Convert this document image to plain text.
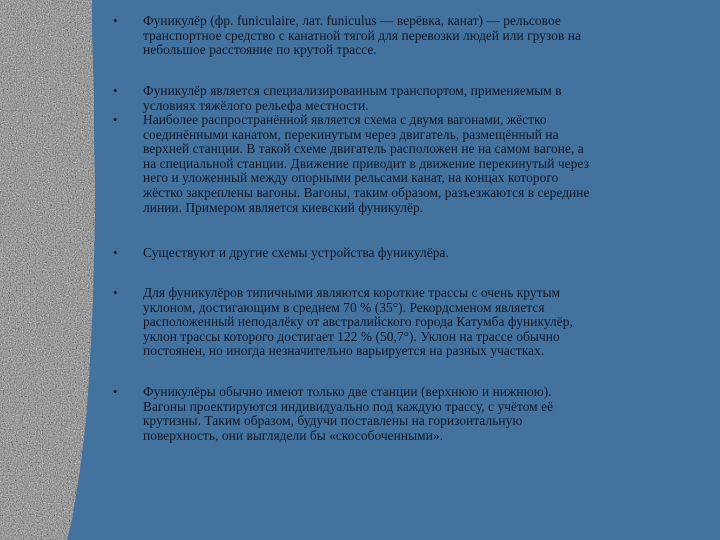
• Фуникулёр (фр. funiculaire, лат. funiculus — верёвка, канат) — рельсовое
транспортное средство с канатной тягой для перевозки людей или грузов на
небольшое расстояние по крутой трассе.
• Фуникулёр является специализированным транспортом, применяемым в
условиях тяжёлого рельефа местности.
• Наиболее распространённой является схема с двумя вагонами, жёстко
соединёнными канатом, перекинутым через двигатель, размещённый на
верхней станции. В такой схеме двигатель расположен не на самом вагоне, а
на специальной станции. Движение приводит в движение перекинутый через
него и уложенный между опорными рельсами канат, на концах которого
жёстко закреплены вагоны. Вагоны, таким образом, разъезжаются в середине
линии. Примером является киевский фуникулёр.
• Существуют и другие схемы устройства фуникулёра.
• Для фуникулёров типичными являются короткие трассы с очень крутым
уклоном, достигающим в среднем 70 % (35°). Рекордсменом является
расположенный неподалёку от австралийского города Катумба фуникулёр,
уклон трассы которого достигает 122 % (50,7°). Уклон на трассе обычно
постоянен, но иногда незначительно варьируется на разных участках.
• Фуникулёры обычно имеют только две станции (верхнюю и нижнюю).
Вагоны проектируются индивидуально под каждую трассу, с учётом её
крутизны. Таким образом, будучи поставлены на горизонтальную
поверхность, они выглядели бы «скособоченными».
